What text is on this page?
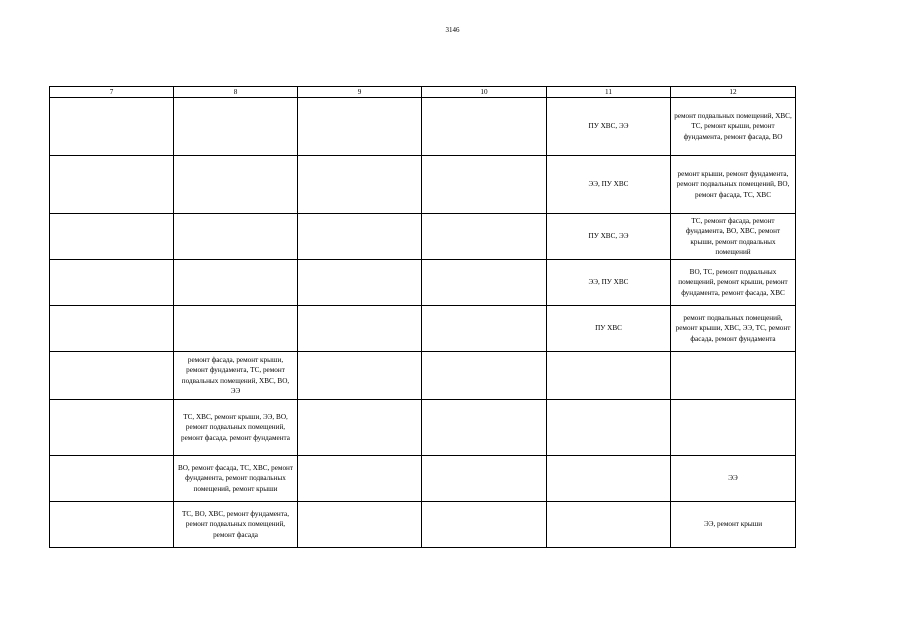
3146
7	8	9	10	11	12
				ПУ ХВС, ЭЭ	ремонт подвальных помещений, ХВС, ТС, ремонт крыши, ремонт фундамента, ремонт фасада, ВО
				ЭЭ, ПУ ХВС	ремонт крыши, ремонт фундамента, ремонт подвальных помещений, ВО, ремонт фасада, ТС, ХВС
				ПУ ХВС, ЭЭ	ТС, ремонт фасада, ремонт фундамента, ВО, ХВС, ремонт крыши, ремонт подвальных помещений
				ЭЭ, ПУ ХВС	ВО, ТС, ремонт подвальных помещений, ремонт крыши, ремонт фундамента, ремонт фасада, ХВС
				ПУ ХВС	ремонт подвальных помещений, ремонт крыши, ХВС, ЭЭ, ТС, ремонт фасада, ремонт фундамента
	ремонт фасада, ремонт крыши, ремонт фундамента, ТС, ремонт подвальных помещений, ХВС, ВО, ЭЭ				
	ТС, ХВС, ремонт крыши, ЭЭ, ВО, ремонт подвальных помещений, ремонт фасада, ремонт фундамента				
	ВО, ремонт фасада, ТС, ХВС, ремонт фундамента, ремонт подвальных помещений, ремонт крыши				ЭЭ
	ТС, ВО, ХВС, ремонт фундамента, ремонт подвальных помещений, ремонт фасада				ЭЭ, ремонт крыши
